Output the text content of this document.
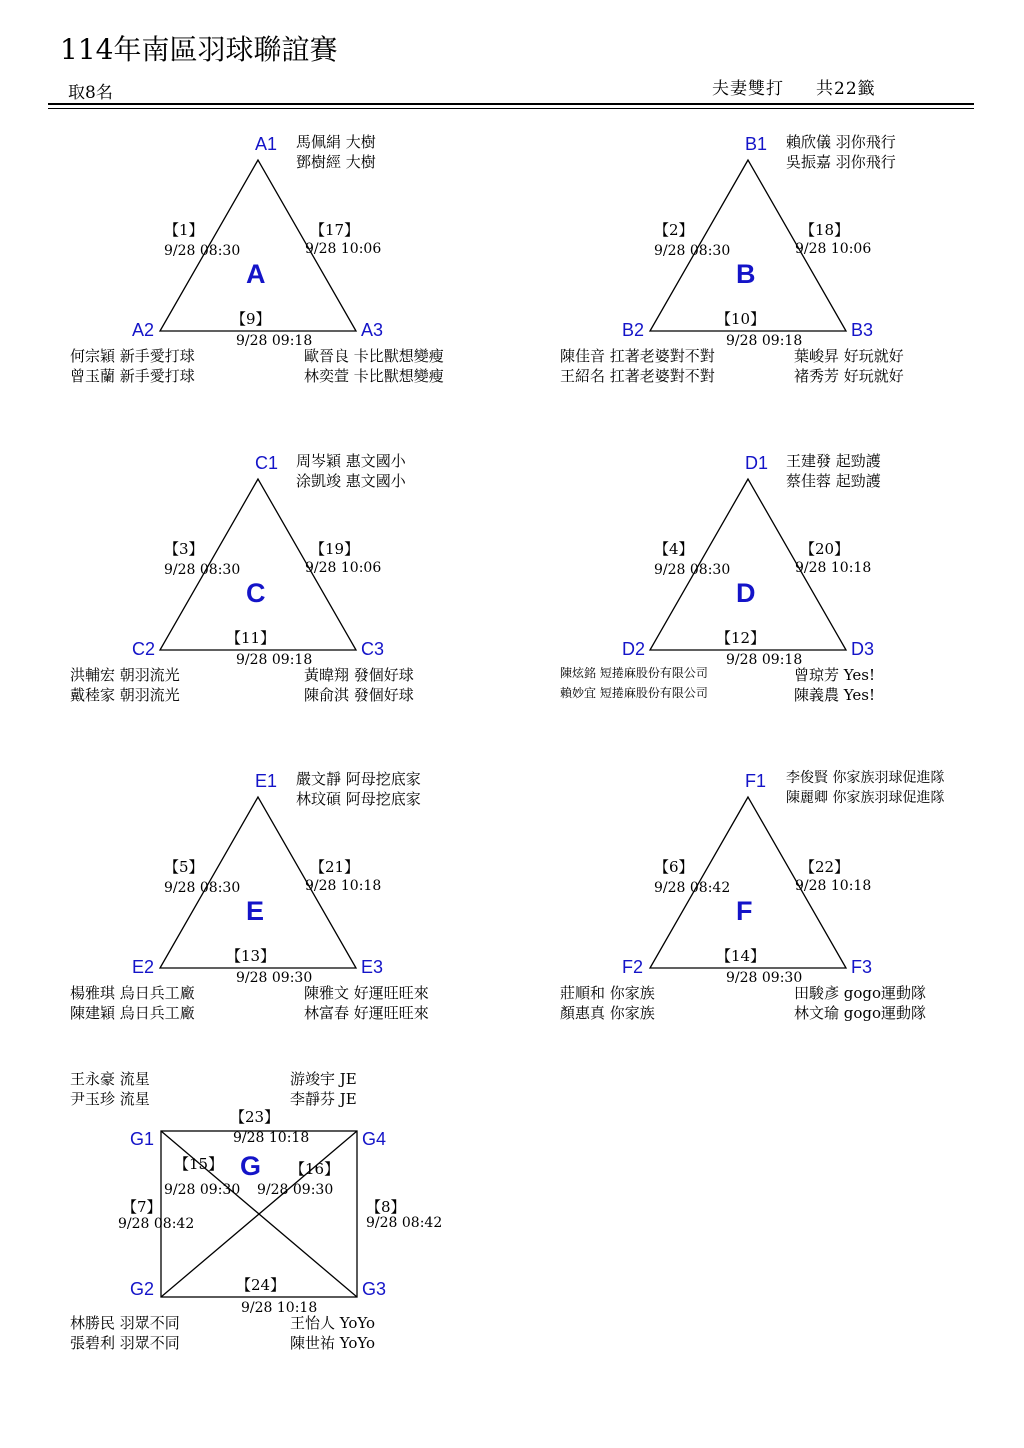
114年南區羽球聯誼賽
取8名	夫妻雙打 共22籤
A1
A2	A3
A
馬佩絹 大樹
鄧樹經 大樹
何宗穎 新手愛打球
曾玉蘭 新手愛打球
歐晉良 卡比獸想變瘦
林奕萱 卡比獸想變瘦
【1】
9/28 08:30
【17】
9/28 10:06
【9】
9/28 09:18
B1
B2	B3
B
賴欣儀 羽你飛行
吳振嘉 羽你飛行
陳佳音 扛著老婆對不對
王紹名 扛著老婆對不對
葉峻昇 好玩就好
褚秀芳 好玩就好
【2】
9/28 08:30
【18】
9/28 10:06
【10】
9/28 09:18
C1
C2	C3
C
周岑穎 惠文國小
涂凱竣 惠文國小
洪輔宏 朝羽流光
戴稑家 朝羽流光
黃暐翔 發個好球
陳俞淇 發個好球
【3】
9/28 08:30
【19】
9/28 10:06
【11】
9/28 09:18
D1
D2	D3
D
王建發 起勁護
蔡佳蓉 起勁護
陳炫銘 短捲麻股份有限公司
賴妙宜 短捲麻股份有限公司
曾琼芳 Yes!
陳義農 Yes!
【4】
9/28 08:30
【20】
9/28 10:18
【12】
9/28 09:18
E1
E2	E3
E
嚴文靜 阿母挖底家
林玟碩 阿母挖底家
楊雅琪 烏日兵工廠
陳建穎 烏日兵工廠
陳雅文 好運旺旺來
林富春 好運旺旺來
【5】
9/28 08:30
【21】
9/28 10:18
【13】
9/28 09:30
F1
F2	F3
F
李俊賢 你家族羽球促進隊
陳麗卿 你家族羽球促進隊
莊順和 你家族
顏惠真 你家族
田駿彥 gogo運動隊
林文瑜 gogo運動隊
【6】
9/28 08:42
【22】
9/28 10:18
【14】
9/28 09:30
王永豪 流星
尹玉珍 流星
游竣宇 JE
李靜芬 JE
G1	G4
G2	G3
G
【23】
9/28 10:18
【15】
9/28 09:30
【16】
9/28 09:30
【7】
9/28 08:42
【8】
9/28 08:42
【24】
9/28 10:18
林勝民 羽眾不同
張碧利 羽眾不同
王怡人 YoYo
陳世祐 YoYo
